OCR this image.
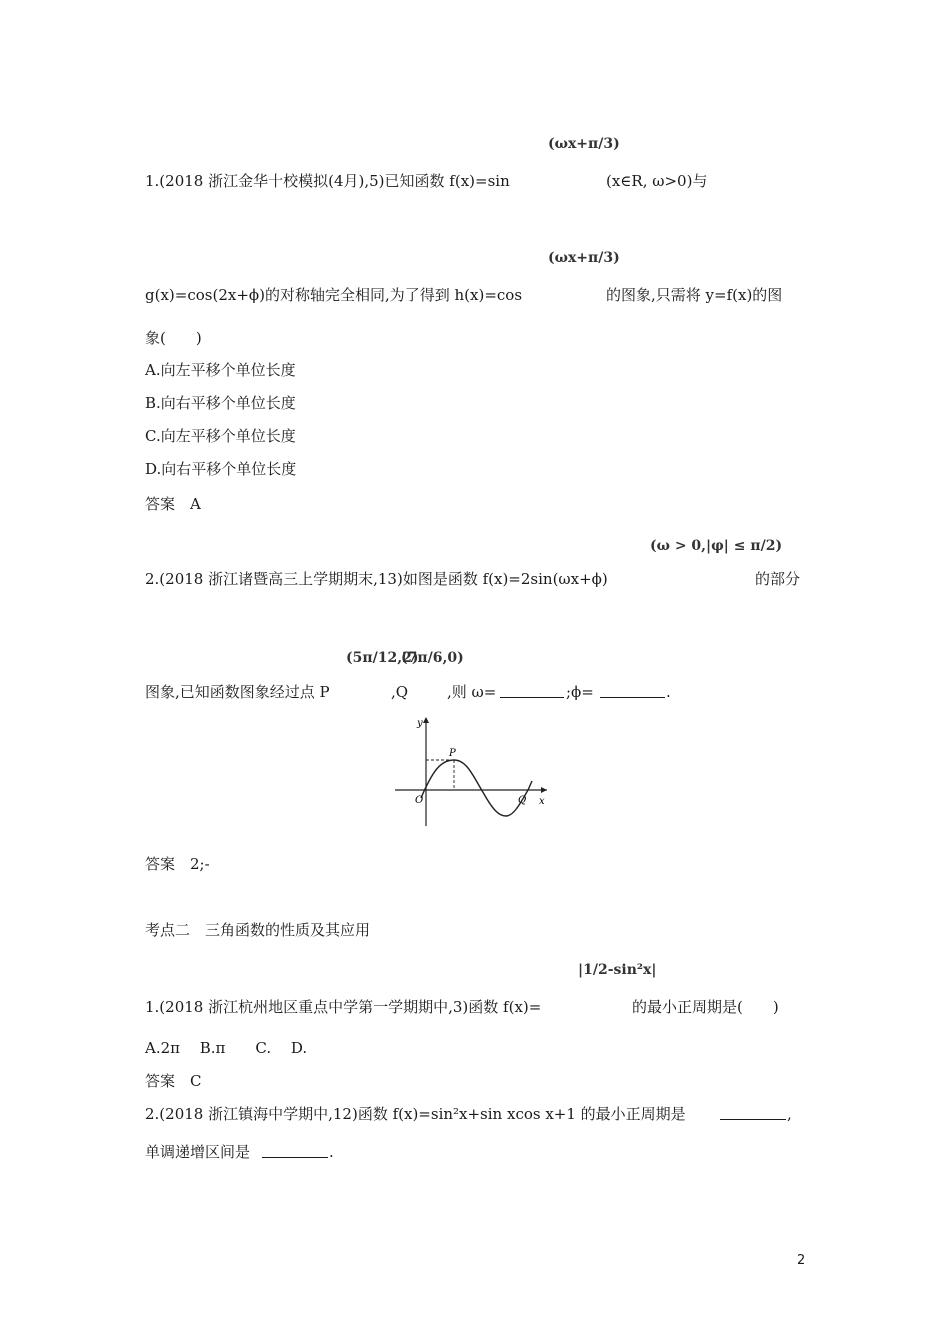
(ωx+π/3)
1.(2018 浙江金华十校模拟(4月),5)已知函数 f(x)=sin	(x∈R, ω>0)与
(ωx+π/3)
g(x)=cos(2x+ϕ)的对称轴完全相同,为了得到 h(x)=cos	的图象,只需将 y=f(x)的图
象(　　)
A.向左平移个单位长度
B.向右平移个单位长度
C.向左平移个单位长度
D.向右平移个单位长度
答案　A
(ω > 0,|φ| ≤ π/2)
2.(2018 浙江诸暨高三上学期期末,13)如图是函数 f(x)=2sin(ωx+ϕ)	的部分
(5π/12,2)
(7π/6,0)
图象,已知函数图象经过点 P	,Q	,则 ω=	;ϕ=	.
y
x
O
P
Q
答案　2;-
考点二　三角函数的性质及其应用
|1/2-sin²x|
1.(2018 浙江杭州地区重点中学第一学期期中,3)函数 f(x)=	的最小正周期是(　　)
A.2π　 B.π　　C.　 D.
答案　C
2.(2018 浙江镇海中学期中,12)函数 f(x)=sin²x+sin xcos x+1 的最小正周期是	,
单调递增区间是	.
2
